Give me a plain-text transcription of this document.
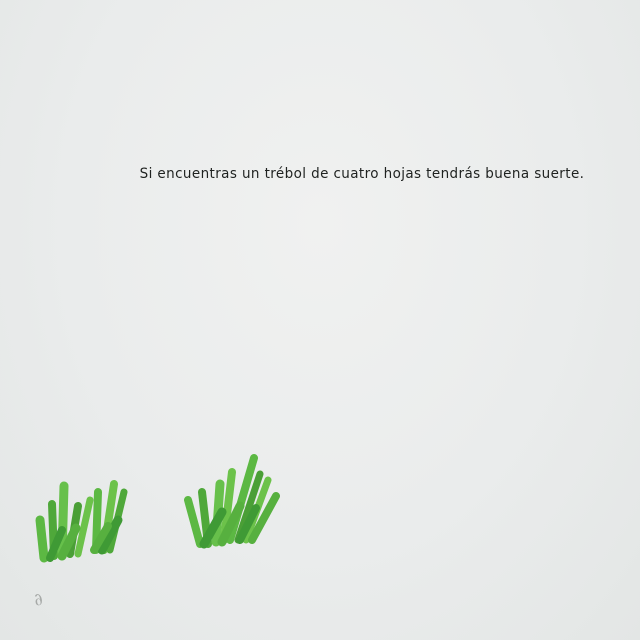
Si encuentras un trébol de cuatro hojas tendrás buena suerte.
∂
